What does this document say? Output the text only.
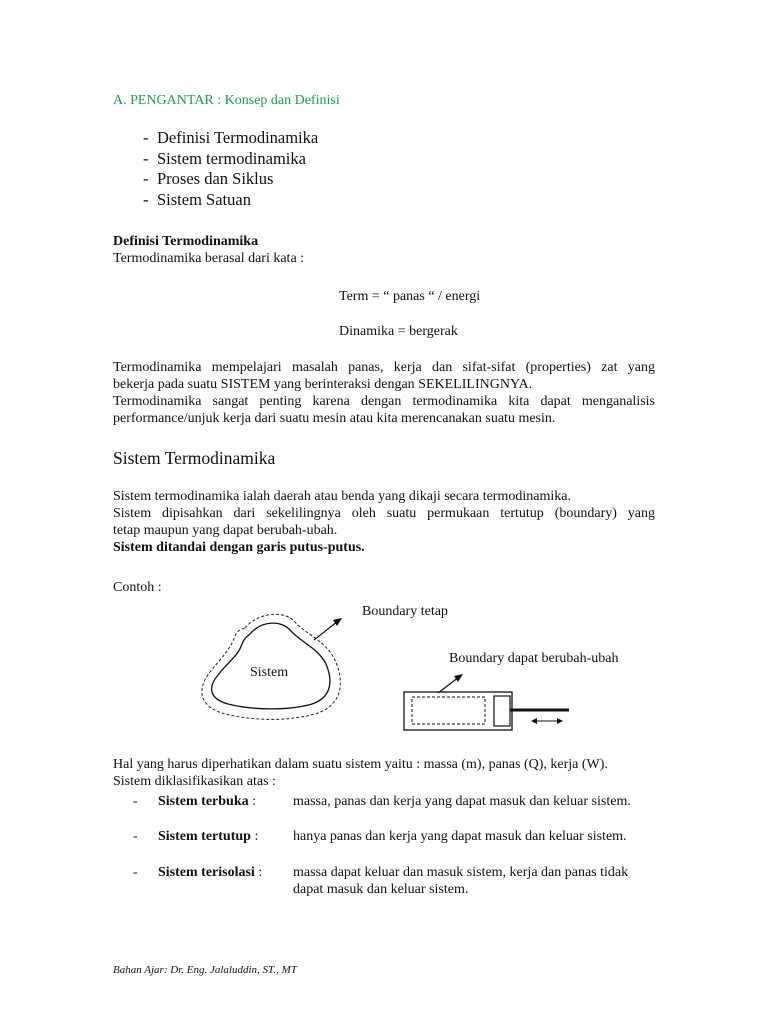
A. PENGANTAR : Konsep dan Definisi
- Definisi Termodinamika
- Sistem termodinamika
- Proses dan Siklus
- Sistem Satuan
Definisi Termodinamika
Termodinamika berasal dari kata :
Term = “ panas “ / energi
Dinamika = bergerak
Termodinamika mempelajari masalah panas, kerja dan sifat-sifat (properties) zat yang
bekerja pada suatu SISTEM yang berinteraksi dengan SEKELILINGNYA.
Termodinamika sangat penting karena dengan termodinamika kita dapat menganalisis
performance/unjuk kerja dari suatu mesin atau kita merencanakan suatu mesin.
Sistem Termodinamika
Sistem termodinamika ialah daerah atau benda yang dikaji secara termodinamika.
Sistem dipisahkan dari sekelilingnya oleh suatu permukaan tertutup (boundary) yang
tetap maupun yang dapat berubah-ubah.
Sistem ditandai dengan garis putus-putus.
Contoh :
Boundary tetap
Boundary dapat berubah-ubah
Sistem
Hal yang harus diperhatikan dalam suatu sistem yaitu : massa (m), panas (Q), kerja (W).
Sistem diklasifikasikan atas :
- Sistem terbuka :	massa, panas dan kerja yang dapat masuk dan keluar sistem.
- Sistem tertutup : hanya panas dan kerja yang dapat masuk dan keluar sistem.
- Sistem terisolasi : massa dapat keluar dan masuk sistem, kerja dan panas tidak dapat masuk dan keluar sistem.
Bahan Ajar: Dr. Eng. Jalaluddin, ST., MT
